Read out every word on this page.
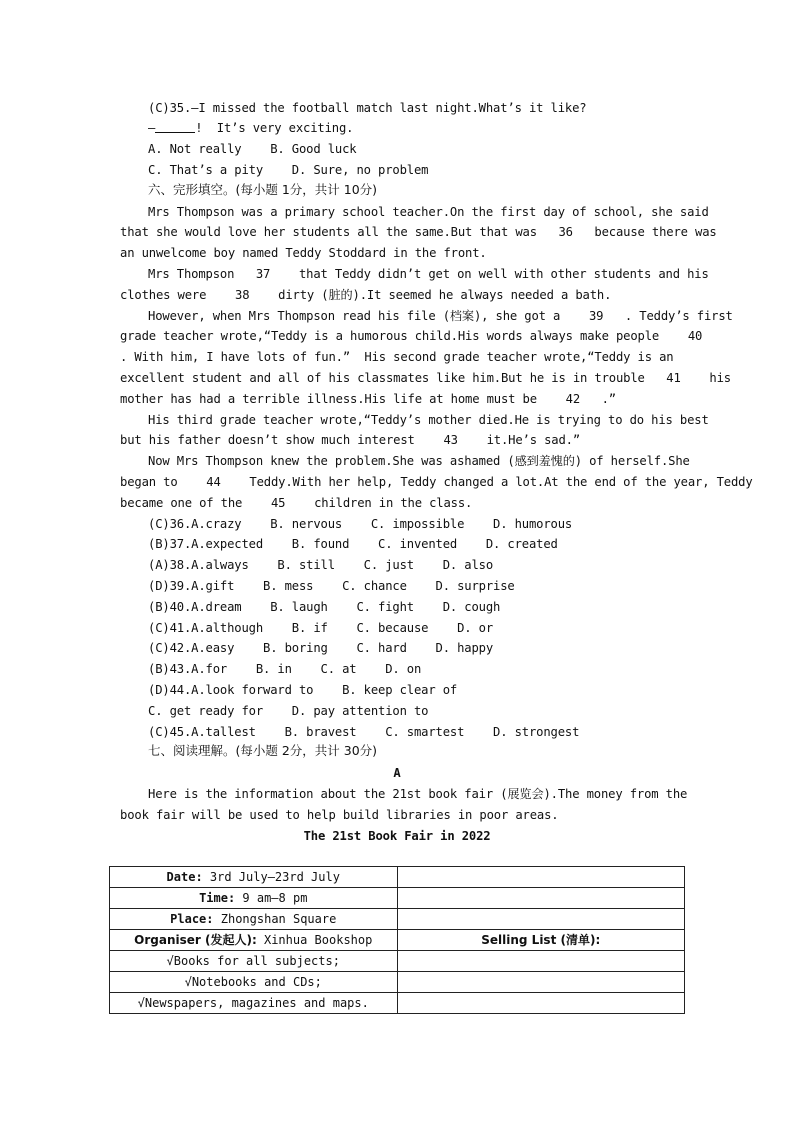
(C)35.—I missed the football match last night.What’s it like?
—	!  It’s very exciting.
A. Not really    B. Good luck
C. That’s a pity    D. Sure, no problem
六、完形填空。(每小题 1分，共计 10分)
Mrs Thompson was a primary school teacher.On the first day of school, she said
that she would love her students all the same.But that was   36   because there was
an unwelcome boy named Teddy Stoddard in the front.
Mrs Thompson   37    that Teddy didn’t get on well with other students and his
clothes were    38    dirty (脏的).It seemed he always needed a bath.
However, when Mrs Thompson read his file (档案), she got a    39   . Teddy’s first
grade teacher wrote,“Teddy is a humorous child.His words always make people    40
. With him, I have lots of fun.”  His second grade teacher wrote,“Teddy is an
excellent student and all of his classmates like him.But he is in trouble   41    his
mother has had a terrible illness.His life at home must be    42   .”
His third grade teacher wrote,“Teddy’s mother died.He is trying to do his best
but his father doesn’t show much interest    43    it.He’s sad.”
Now Mrs Thompson knew the problem.She was ashamed (感到羞愧的) of herself.She
began to    44    Teddy.With her help, Teddy changed a lot.At the end of the year, Teddy
became one of the    45    children in the class.
(C)36.A.crazy    B. nervous    C. impossible    D. humorous
(B)37.A.expected    B. found    C. invented    D. created
(A)38.A.always    B. still    C. just    D. also
(D)39.A.gift    B. mess    C. chance    D. surprise
(B)40.A.dream    B. laugh    C. fight    D. cough
(C)41.A.although    B. if    C. because    D. or
(C)42.A.easy    B. boring    C. hard    D. happy
(B)43.A.for    B. in    C. at    D. on
(D)44.A.look forward to    B. keep clear of
C. get ready for    D. pay attention to
(C)45.A.tallest    B. bravest    C. smartest    D. strongest
七、阅读理解。(每小题 2分，共计 30分)
A
Here is the information about the 21st book fair (展览会).The money from the
book fair will be used to help build libraries in poor areas.
The 21st Book Fair in 2022
Date: 3rd July—23rd July	
Time: 9 am—8 pm	
Place: Zhongshan Square	
Organiser (发起人): Xinhua Bookshop	Selling List (清单):
√Books for all subjects;	
√Notebooks and CDs;	
√Newspapers, magazines and maps.	
